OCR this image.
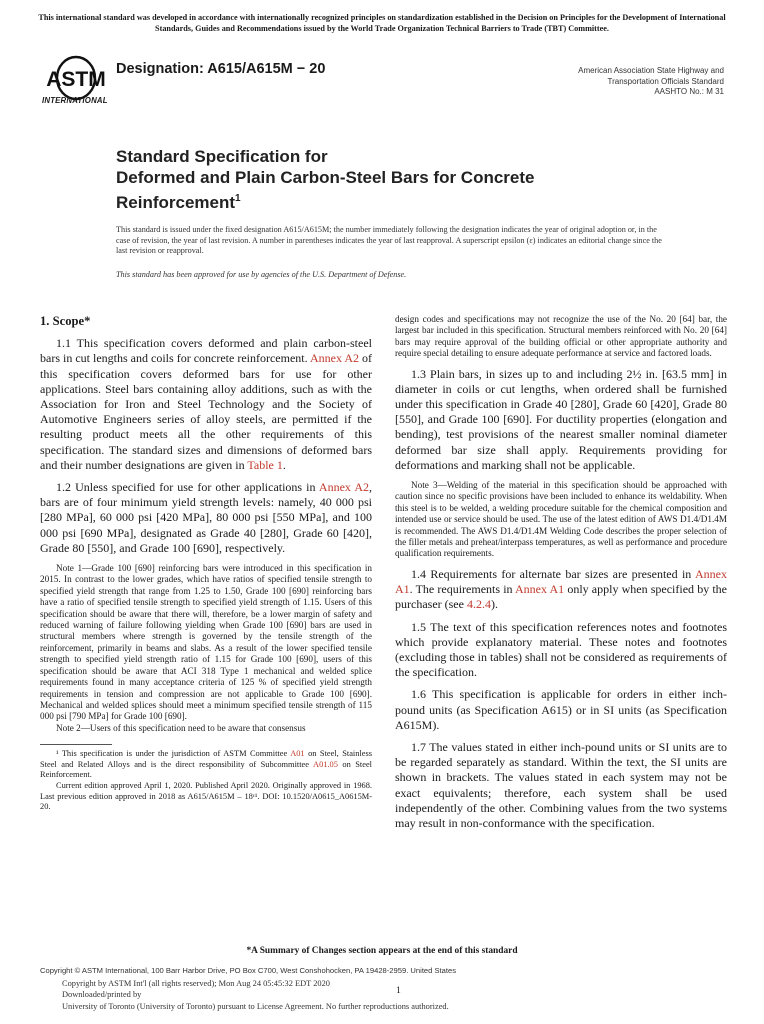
This international standard was developed in accordance with internationally recognized principles on standardization established in the Decision on Principles for the Development of International Standards, Guides and Recommendations issued by the World Trade Organization Technical Barriers to Trade (TBT) Committee.
ASTM
INTERNATIONAL
Designation: A615/A615M − 20	American Association State Highway and
Transportation Officials Standard
AASHTO No.: M 31
Standard Specification for
Deformed and Plain Carbon-Steel Bars for Concrete
Reinforcement$^1$
This standard is issued under the fixed designation A615/A615M; the number immediately following the designation indicates the year of original adoption or, in the case of revision, the year of last revision. A number in parentheses indicates the year of last reapproval. A superscript epsilon (ε) indicates an editorial change since the last revision or reapproval.
This standard has been approved for use by agencies of the U.S. Department of Defense.

1. Scope*

1.1 This specification covers deformed and plain carbon-steel bars in cut lengths and coils for concrete reinforcement. Annex A2 of this specification covers deformed bars for use for other applications. Steel bars containing alloy additions, such as with the Association for Iron and Steel Technology and the Society of Automotive Engineers series of alloy steels, are permitted if the resulting product meets all the other requirements of this specification. The standard sizes and dimensions of deformed bars and their number designations are given in Table 1.

1.2 Unless specified for use for other applications in Annex A2, bars are of four minimum yield strength levels: namely, 40 000 psi [280 MPa], 60 000 psi [420 MPa], 80 000 psi [550 MPa], and 100 000 psi [690 MPa], designated as Grade 40 [280], Grade 60 [420], Grade 80 [550], and Grade 100 [690], respectively.

Note 1—Grade 100 [690] reinforcing bars were introduced in this specification in 2015. In contrast to the lower grades, which have ratios of specified tensile strength to specified yield strength that range from 1.25 to 1.50, Grade 100 [690] reinforcing bars have a ratio of specified tensile strength to specified yield strength of 1.15. Users of this specification should be aware that there will, therefore, be a lower margin of safety and reduced warning of failure following yielding when Grade 100 [690] bars are used in structural members where strength is governed by the tensile strength of the reinforcement, primarily in beams and slabs. As a result of the lower specified tensile strength to specified yield strength ratio of 1.15 for Grade 100 [690], users of this specification should be aware that ACI 318 Type 1 mechanical and welded splice requirements found in many acceptance criteria of 125 % of specified yield strength requirements in tension and compression are not applicable to Grade 100 [690]. Mechanical and welded splices should meet a minimum specified tensile strength of 115 000 psi [790 MPa] for Grade 100 [690].

Note 2—Users of this specification need to be aware that consensus

¹ This specification is under the jurisdiction of ASTM Committee A01 on Steel, Stainless Steel and Related Alloys and is the direct responsibility of Subcommittee A01.05 on Steel Reinforcement.

Current edition approved April 1, 2020. Published April 2020. Originally approved in 1968. Last previous edition approved in 2018 as A615/A615M – 18ᵋ¹. DOI: 10.1520/A0615_A0615M-20.

design codes and specifications may not recognize the use of the No. 20 [64] bar, the largest bar included in this specification. Structural members reinforced with No. 20 [64] bars may require approval of the building official or other appropriate authority and require special detailing to ensure adequate performance at service and factored loads.

1.3 Plain bars, in sizes up to and including 2½ in. [63.5 mm] in diameter in coils or cut lengths, when ordered shall be furnished under this specification in Grade 40 [280], Grade 60 [420], Grade 80 [550], and Grade 100 [690]. For ductility properties (elongation and bending), test provisions of the nearest smaller nominal diameter deformed bar size shall apply. Requirements providing for deformations and marking shall not be applicable.

Note 3—Welding of the material in this specification should be approached with caution since no specific provisions have been included to enhance its weldability. When this steel is to be welded, a welding procedure suitable for the chemical composition and intended use or service should be used. The use of the latest edition of AWS D1.4/D1.4M is recommended. The AWS D1.4/D1.4M Welding Code describes the proper selection of the filler metals and preheat/interpass temperatures, as well as performance and procedure qualification requirements.

1.4 Requirements for alternate bar sizes are presented in Annex A1. The requirements in Annex A1 only apply when specified by the purchaser (see 4.2.4).

1.5 The text of this specification references notes and footnotes which provide explanatory material. These notes and footnotes (excluding those in tables) shall not be considered as requirements of the specification.

1.6 This specification is applicable for orders in either inch-pound units (as Specification A615) or in SI units (as Specification A615M).

1.7 The values stated in either inch-pound units or SI units are to be regarded separately as standard. Within the text, the SI units are shown in brackets. The values stated in each system may not be exact equivalents; therefore, each system shall be used independently of the other. Combining values from the two systems may result in non-conformance with the specification.

*A Summary of Changes section appears at the end of this standard
Copyright © ASTM International, 100 Barr Harbor Drive, PO Box C700, West Conshohocken, PA 19428-2959. United States
Copyright by ASTM Int'l (all rights reserved); Mon Aug 24 05:45:32 EDT 2020
Downloaded/printed by
University of Toronto (University of Toronto) pursuant to License Agreement. No further reproductions authorized.
1
